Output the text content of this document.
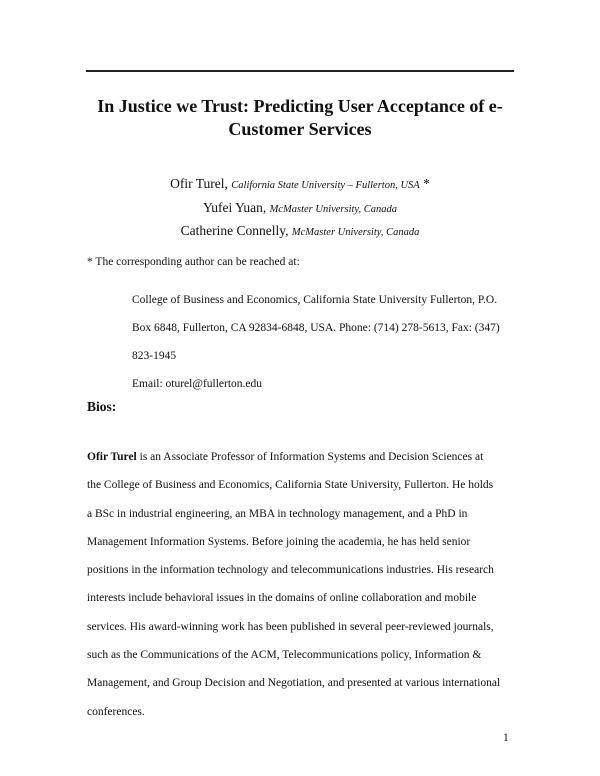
In Justice we Trust: Predicting User Acceptance of e-
Customer Services
Ofir Turel, California State University – Fullerton, USA *
Yufei Yuan, McMaster University, Canada
Catherine Connelly, McMaster University, Canada
* The corresponding author can be reached at:
College of Business and Economics, California State University Fullerton, P.O.
Box 6848, Fullerton, CA 92834-6848, USA. Phone: (714) 278-5613, Fax: (347)
823-1945
Email: oturel@fullerton.edu
Bios:
Ofir Turel is an Associate Professor of Information Systems and Decision Sciences at
the College of Business and Economics, California State University, Fullerton. He holds
a BSc in industrial engineering, an MBA in technology management, and a PhD in
Management Information Systems. Before joining the academia, he has held senior
positions in the information technology and telecommunications industries. His research
interests include behavioral issues in the domains of online collaboration and mobile
services. His award-winning work has been published in several peer-reviewed journals,
such as the Communications of the ACM, Telecommunications policy, Information &
Management, and Group Decision and Negotiation, and presented at various international
conferences.
1
